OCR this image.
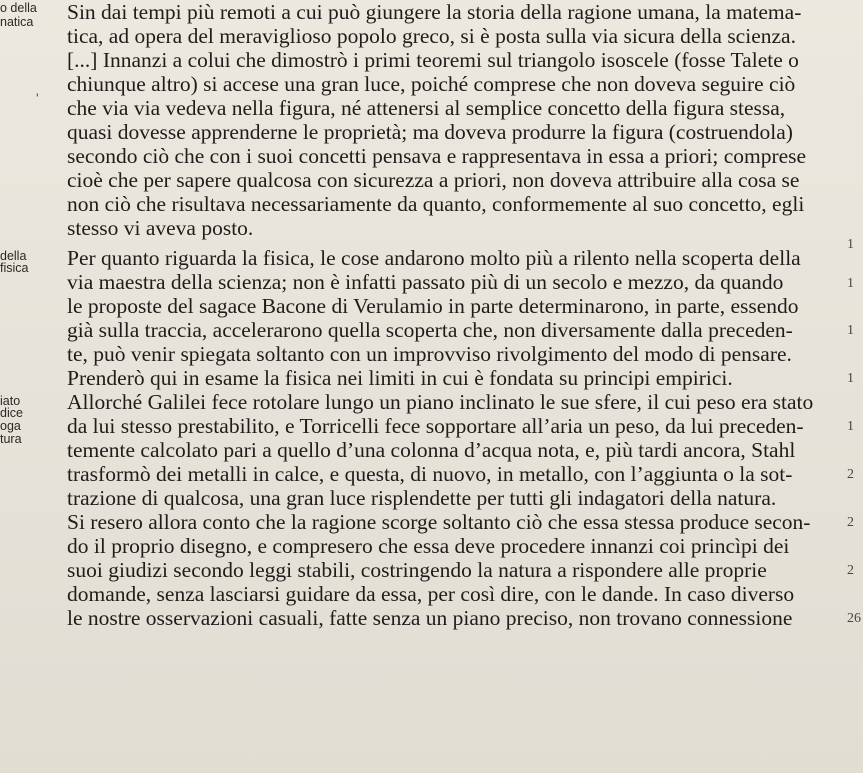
Sin dai tempi più remoti a cui può giungere la storia della ragione umana, la matema-

tica, ad opera del meraviglioso popolo greco, si è posta sulla via sicura della scienza.

[...] Innanzi a colui che dimostrò i primi teoremi sul triangolo isoscele (fosse Talete o

chiunque altro) si accese una gran luce, poiché comprese che non doveva seguire ciò

che via via vedeva nella figura, né attenersi al semplice concetto della figura stessa,

quasi dovesse apprenderne le proprietà; ma doveva produrre la figura (costruendola)

secondo ciò che con i suoi concetti pensava e rappresentava in essa a priori; comprese

cioè che per sapere qualcosa con sicurezza a priori, non doveva attribuire alla cosa se

non ciò che risultava necessariamente da quanto, conformemente al suo concetto, egli

stesso vi aveva posto.

Per quanto riguarda la fisica, le cose andarono molto più a rilento nella scoperta della

via maestra della scienza; non è infatti passato più di un secolo e mezzo, da quando

le proposte del sagace Bacone di Verulamio in parte determinarono, in parte, essendo

già sulla traccia, accelerarono quella scoperta che, non diversamente dalla preceden-

te, può venir spiegata soltanto con un improvviso rivolgimento del modo di pensare.

Prenderò qui in esame la fisica nei limiti in cui è fondata su principi empirici.

Allorché Galilei fece rotolare lungo un piano inclinato le sue sfere, il cui peso era stato

da lui stesso prestabilito, e Torricelli fece sopportare all’aria un peso, da lui preceden-

temente calcolato pari a quello d’una colonna d’acqua nota, e, più tardi ancora, Stahl

trasformò dei metalli in calce, e questa, di nuovo, in metallo, con l’aggiunta o la sot-

trazione di qualcosa, una gran luce risplendette per tutti gli indagatori della natura.

Si resero allora conto che la ragione scorge soltanto ciò che essa stessa produce secon-

do il proprio disegno, e compresero che essa deve procedere innanzi coi princìpi dei

suoi giudizi secondo leggi stabili, costringendo la natura a rispondere alle proprie

domande, senza lasciarsi guidare da essa, per così dire, con le dande. In caso diverso

le nostre osservazioni casuali, fatte senza un piano preciso, non trovano connessione

o della

natica

'

della

fisica

iato

dice

oga

tura

1

1

1

1

1

2

2

2

26
